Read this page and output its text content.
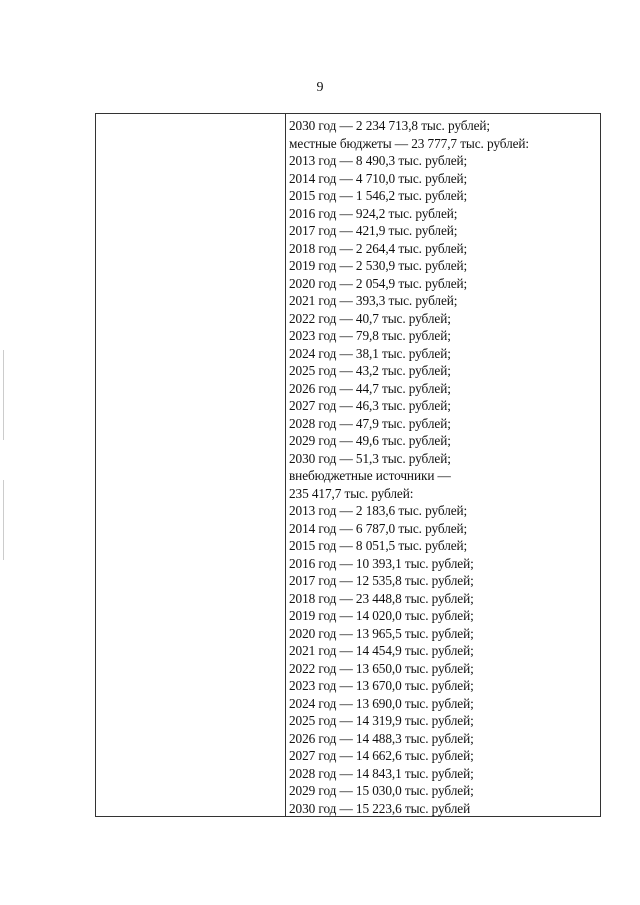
9
2030 год — 2 234 713,8 тыс. рублей;
местные бюджеты — 23 777,7 тыс. рублей:
2013 год — 8 490,3 тыс. рублей;
2014 год — 4 710,0 тыс. рублей;
2015 год — 1 546,2 тыс. рублей;
2016 год — 924,2 тыс. рублей;
2017 год — 421,9 тыс. рублей;
2018 год — 2 264,4 тыс. рублей;
2019 год — 2 530,9 тыс. рублей;
2020 год — 2 054,9 тыс. рублей;
2021 год — 393,3 тыс. рублей;
2022 год — 40,7 тыс. рублей;
2023 год — 79,8 тыс. рублей;
2024 год — 38,1 тыс. рублей;
2025 год — 43,2 тыс. рублей;
2026 год — 44,7 тыс. рублей;
2027 год — 46,3 тыс. рублей;
2028 год — 47,9 тыс. рублей;
2029 год — 49,6 тыс. рублей;
2030 год — 51,3 тыс. рублей;
внебюджетные источники —
235 417,7 тыс. рублей:
2013 год — 2 183,6 тыс. рублей;
2014 год — 6 787,0 тыс. рублей;
2015 год — 8 051,5 тыс. рублей;
2016 год — 10 393,1 тыс. рублей;
2017 год — 12 535,8 тыс. рублей;
2018 год — 23 448,8 тыс. рублей;
2019 год — 14 020,0 тыс. рублей;
2020 год — 13 965,5 тыс. рублей;
2021 год — 14 454,9 тыс. рублей;
2022 год — 13 650,0 тыс. рублей;
2023 год — 13 670,0 тыс. рублей;
2024 год — 13 690,0 тыс. рублей;
2025 год — 14 319,9 тыс. рублей;
2026 год — 14 488,3 тыс. рублей;
2027 год — 14 662,6 тыс. рублей;
2028 год — 14 843,1 тыс. рублей;
2029 год — 15 030,0 тыс. рублей;
2030 год — 15 223,6 тыс. рублей
